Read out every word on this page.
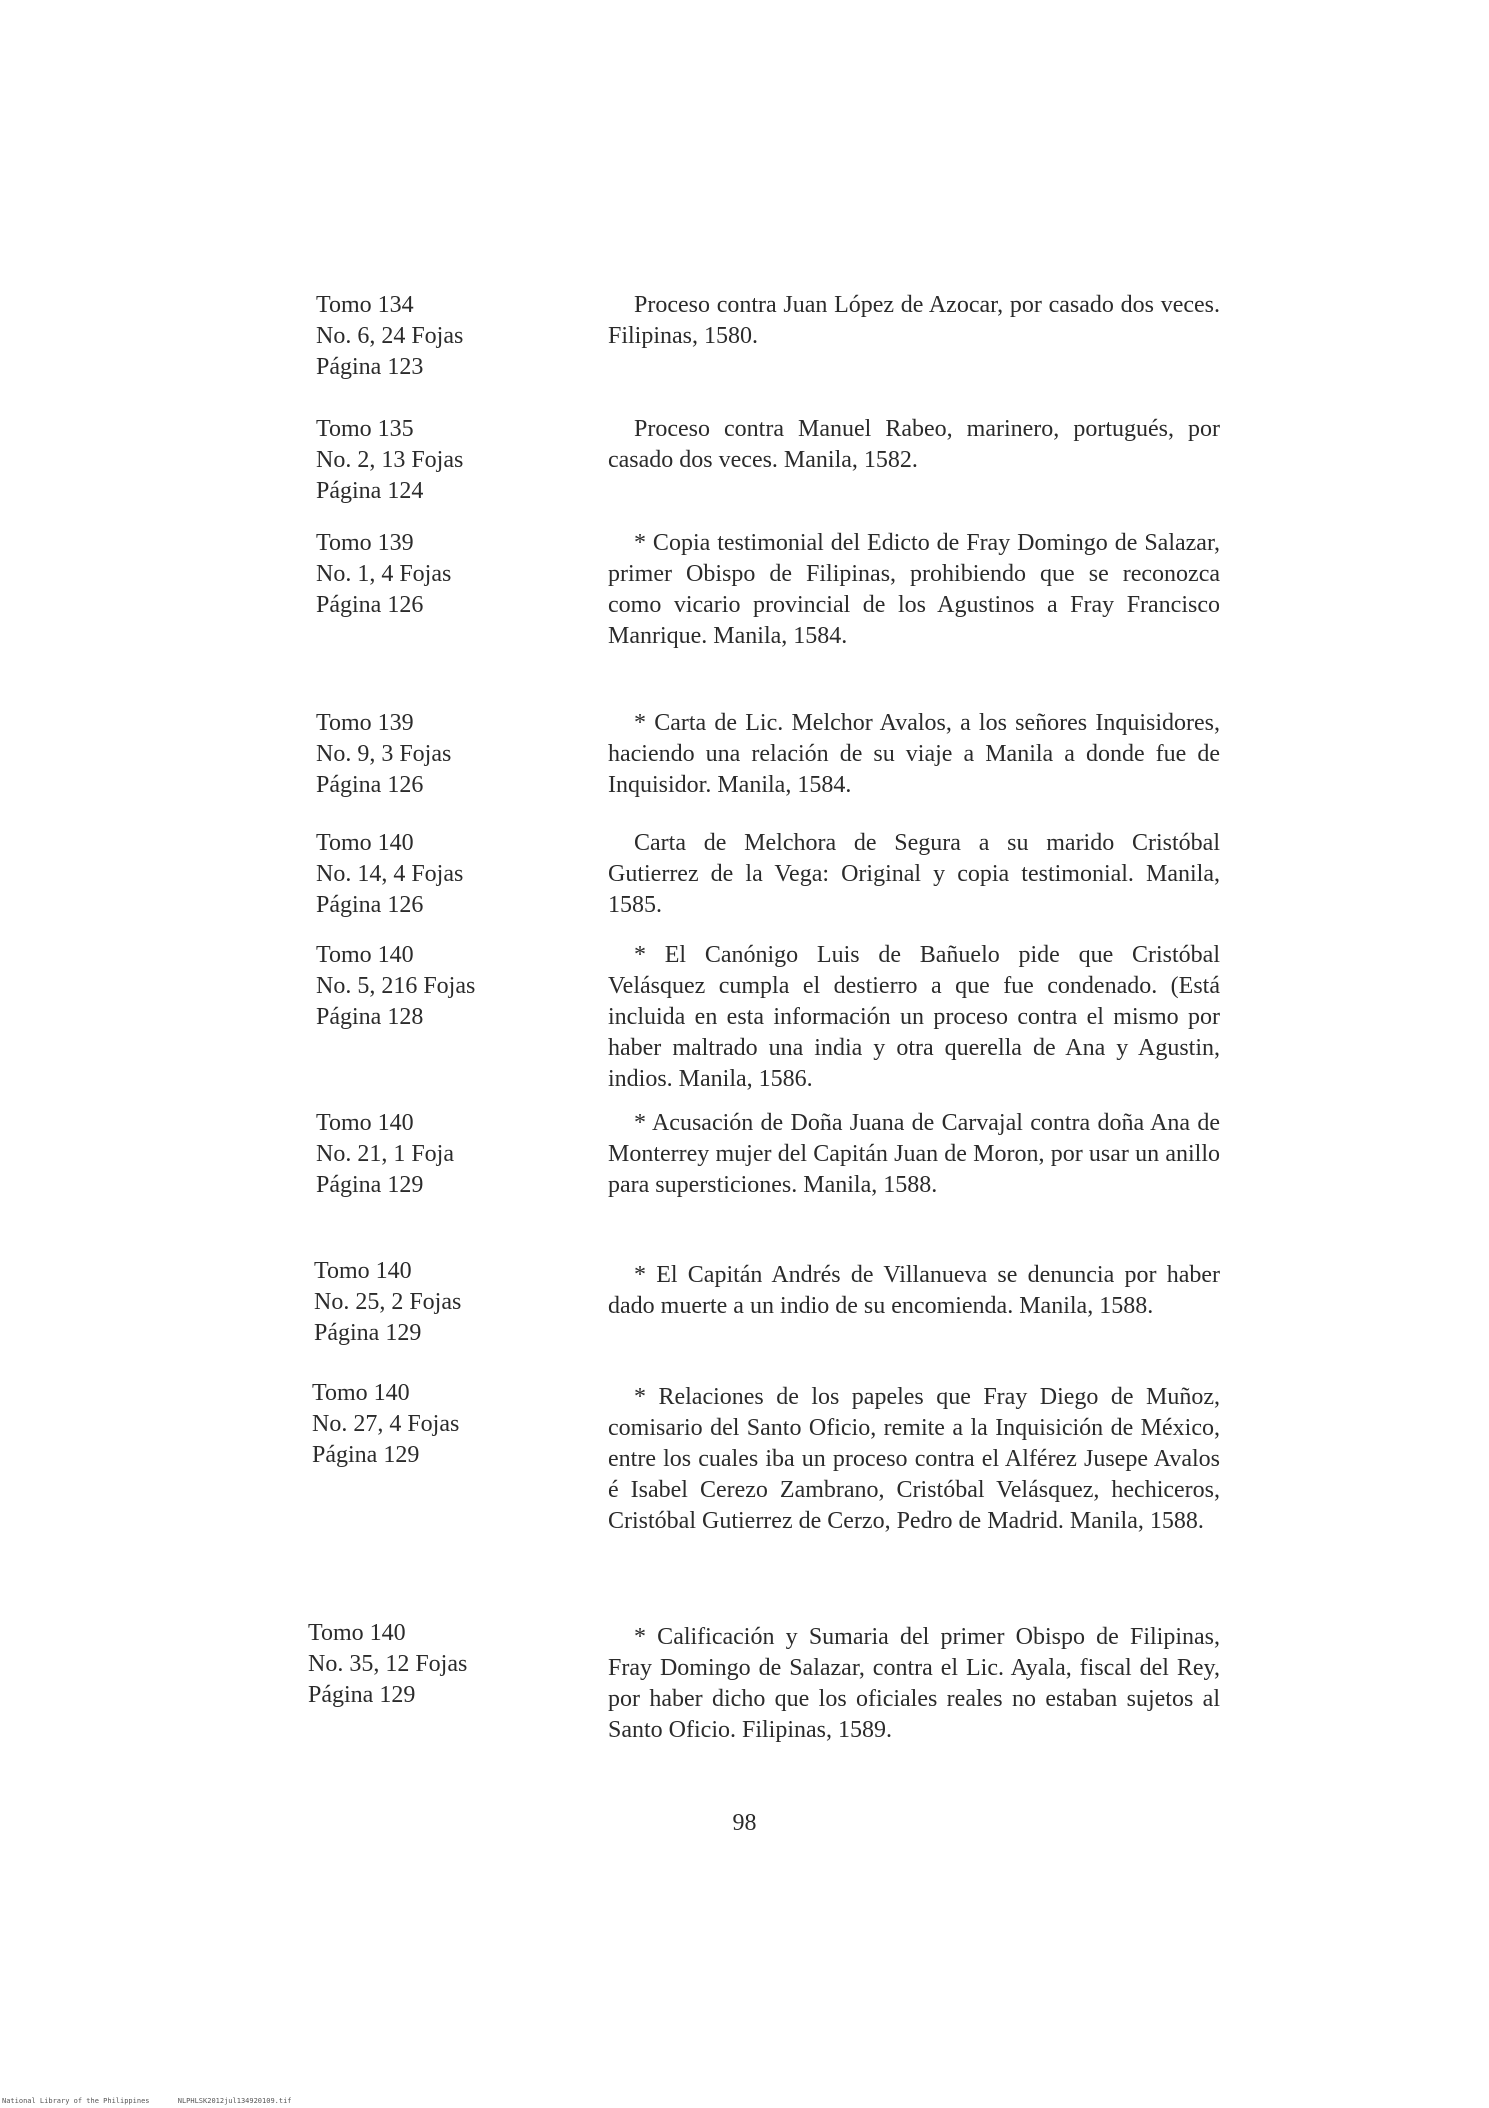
Tomo 134
No. 6, 24 Fojas
Página 123
Proceso contra Juan López de Azocar, por casado dos veces. Filipinas, 1580.
Tomo 135
No. 2, 13 Fojas
Página 124
Proceso contra Manuel Rabeo, marinero, portugués, por casado dos veces. Manila, 1582.
Tomo 139
No. 1, 4 Fojas
Página 126
* Copia testimonial del Edicto de Fray Domingo de Salazar, primer Obispo de Filipinas, prohibiendo que se reconozca como vicario provincial de los Agustinos a Fray Francisco Manrique. Manila, 1584.
Tomo 139
No. 9, 3 Fojas
Página 126
* Carta de Lic. Melchor Avalos, a los señores Inquisidores, haciendo una relación de su viaje a Manila a donde fue de Inquisidor. Manila, 1584.
Tomo 140
No. 14, 4 Fojas
Página 126
Carta de Melchora de Segura a su marido Cristóbal Gutierrez de la Vega: Original y copia testimonial. Manila, 1585.
Tomo 140
No. 5, 216 Fojas
Página 128
* El Canónigo Luis de Bañuelo pide que Cristóbal Velásquez cumpla el destierro a que fue condenado. (Está incluida en esta información un proceso contra el mismo por haber maltrado una india y otra querella de Ana y Agustin, indios. Manila, 1586.
Tomo 140
No. 21, 1 Foja
Página 129
* Acusación de Doña Juana de Carvajal contra doña Ana de Monterrey mujer del Capitán Juan de Moron, por usar un anillo para supersticiones. Manila, 1588.
Tomo 140
No. 25, 2 Fojas
Página 129
* El Capitán Andrés de Villanueva se denuncia por haber dado muerte a un indio de su encomienda. Manila, 1588.
Tomo 140
No. 27, 4 Fojas
Página 129
* Relaciones de los papeles que Fray Diego de Muñoz, comisario del Santo Oficio, remite a la Inquisición de México, entre los cuales iba un proceso contra el Alférez Jusepe Avalos é Isabel Cerezo Zambrano, Cristóbal Velásquez, hechiceros, Cristóbal Gutierrez de Cerzo, Pedro de Madrid. Manila, 1588.
Tomo 140
No. 35, 12 Fojas
Página 129
* Calificación y Sumaria del primer Obispo de Filipinas, Fray Domingo de Salazar, contra el Lic. Ayala, fiscal del Rey, por haber dicho que los oficiales reales no estaban sujetos al Santo Oficio. Filipinas, 1589.
98
National Library of the Philippines	NLPHLSK2012jul134920109.tif
